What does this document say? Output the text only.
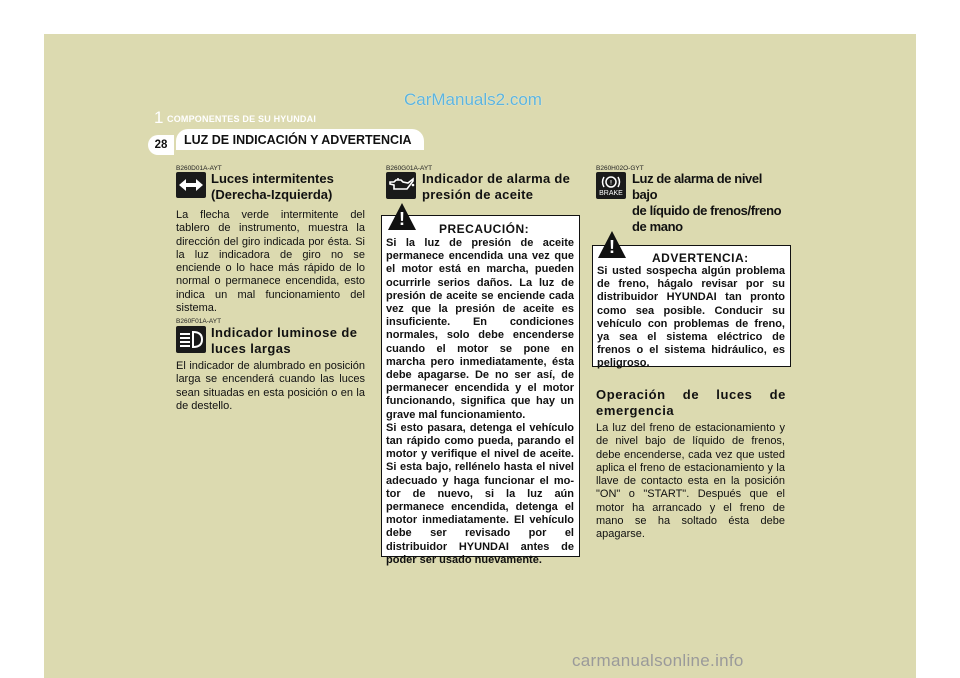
CarManuals2.com
1 COMPONENTES DE SU HYUNDAI
LUZ DE INDICACIÓN Y ADVERTENCIA
28
B260D01A-AYT
Luces intermitentes
(Derecha-Izquierda)
La flecha verde intermitente del tablero de instrumento, muestra la dirección del giro indicada por ésta. Si la luz indicadora de giro no se enciende o lo hace más rápido de lo normal o permanece encendida, esto indica un mal funcionamiento del sistema.
B260F01A-AYT
Indicador luminose de
luces largas
El indicador de alumbrado en posición larga se encenderá cuando las luces sean situadas en esta posición o en la de destello.
B260G01A-AYT
Indicador de alarma de
presión de aceite
!	PRECAUCIÓN:
Si la luz de presión de aceite permanece encendida una vez que el motor está en marcha, pueden ocurrirle serios daños. La luz de presión de aceite se enciende cada vez que la presión de aceite es insuficiente. En condiciones normales, solo debe encenderse cuando el motor se pone en marcha pero inmediatamente, ésta debe apagarse. De no ser así, de permanecer encendida y el motor funcionando, significa que hay un grave mal funcionamiento.
Si esto pasara, detenga el vehículo tan rápido como pueda, parando el motor y verifique el nivel de aceite. Si esta bajo, rellénelo hasta el nivel adecuado y haga funcionar el mo- tor de nuevo, si la luz aún permanece encendida, detenga el motor inmediatamente. El vehículo debe ser revisado por el distribuidor HYUNDAI antes de poder ser usado nuevamente.
B260H02O-GYT
!
BRAKE
Luz de alarma de nivel bajo
de líquido de frenos/freno
de mano
!
ADVERTENCIA:
Si usted sospecha algún problema de freno, hágalo revisar por su distribuidor HYUNDAI tan pronto como sea posible. Conducir su vehículo con problemas de freno, ya sea el sistema eléctrico de frenos o el sistema hidráulico, es peligroso.
Operación de luces de emergencia
La luz del freno de estacionamiento y de nivel bajo de líquido de frenos, debe encenderse, cada vez que usted aplica el freno de estacionamiento y la llave de contacto esta en la posición "ON" o "START". Después que el motor ha arrancado y el freno de mano se ha soltado ésta debe apagarse.
carmanualsonline.info
